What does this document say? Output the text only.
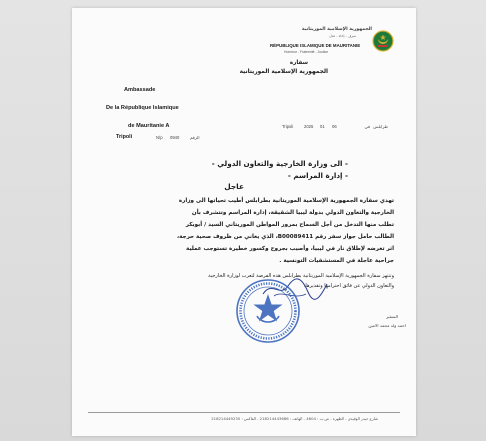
الجمهورية الإسلامية الموريتانية
شرف - إخاء - عدل
RÉPUBLIQUE ISLAMIQUE DE MAURITANIE
Honneur - Fraternité - Justice
سفارة
الجمهورية الإسلامية الموريتانية
Ambassade
De la République Islamique
de Mauritanie A
Tripoli	N/p 0940	الرقم
طرابلس
في
06
01
2025
Tripoli
- الى وزارة الخارجية والتعاون الدولي -
- إدارة المراسم -
عاجل
تهدي سفارة الجمهورية الإسلامية الموريتانية بطرابلس أطيب تحياتها الى وزارة
الخارجية والتعاون الدولي بدولة ليبيا الشقيقة، إدارة المراسم وتتشرف بأن
تطلب منها التدخل من أجل السماح بمرور المواطن الموريتاني السيد / أبوبكر
الطالب حامل جواز سفر رقم B00089411، الذي يعاني من ظروف صحية حرجة،
اثر تعرضه لإطلاق نار في ليبيا، وأصيب بجروح وكسور خطيرة تستوجب عملية
جراحية عاجلة في المستشفيات التونسية .
وتنتهز سفارة الجمهورية الإسلامية الموريتانية بطرابلس هذه الفرصة لتعرب لوزارة الخارجية
والتعاون الدولي عن فائق احترامها وتقديرها.
السفير
احمد ولد محمد الامين
شارع حيدر الوقيدي - الظهرة - ص.ب : 4604 - الهاتف : 218214443686 - الفاكس : 218214449230
